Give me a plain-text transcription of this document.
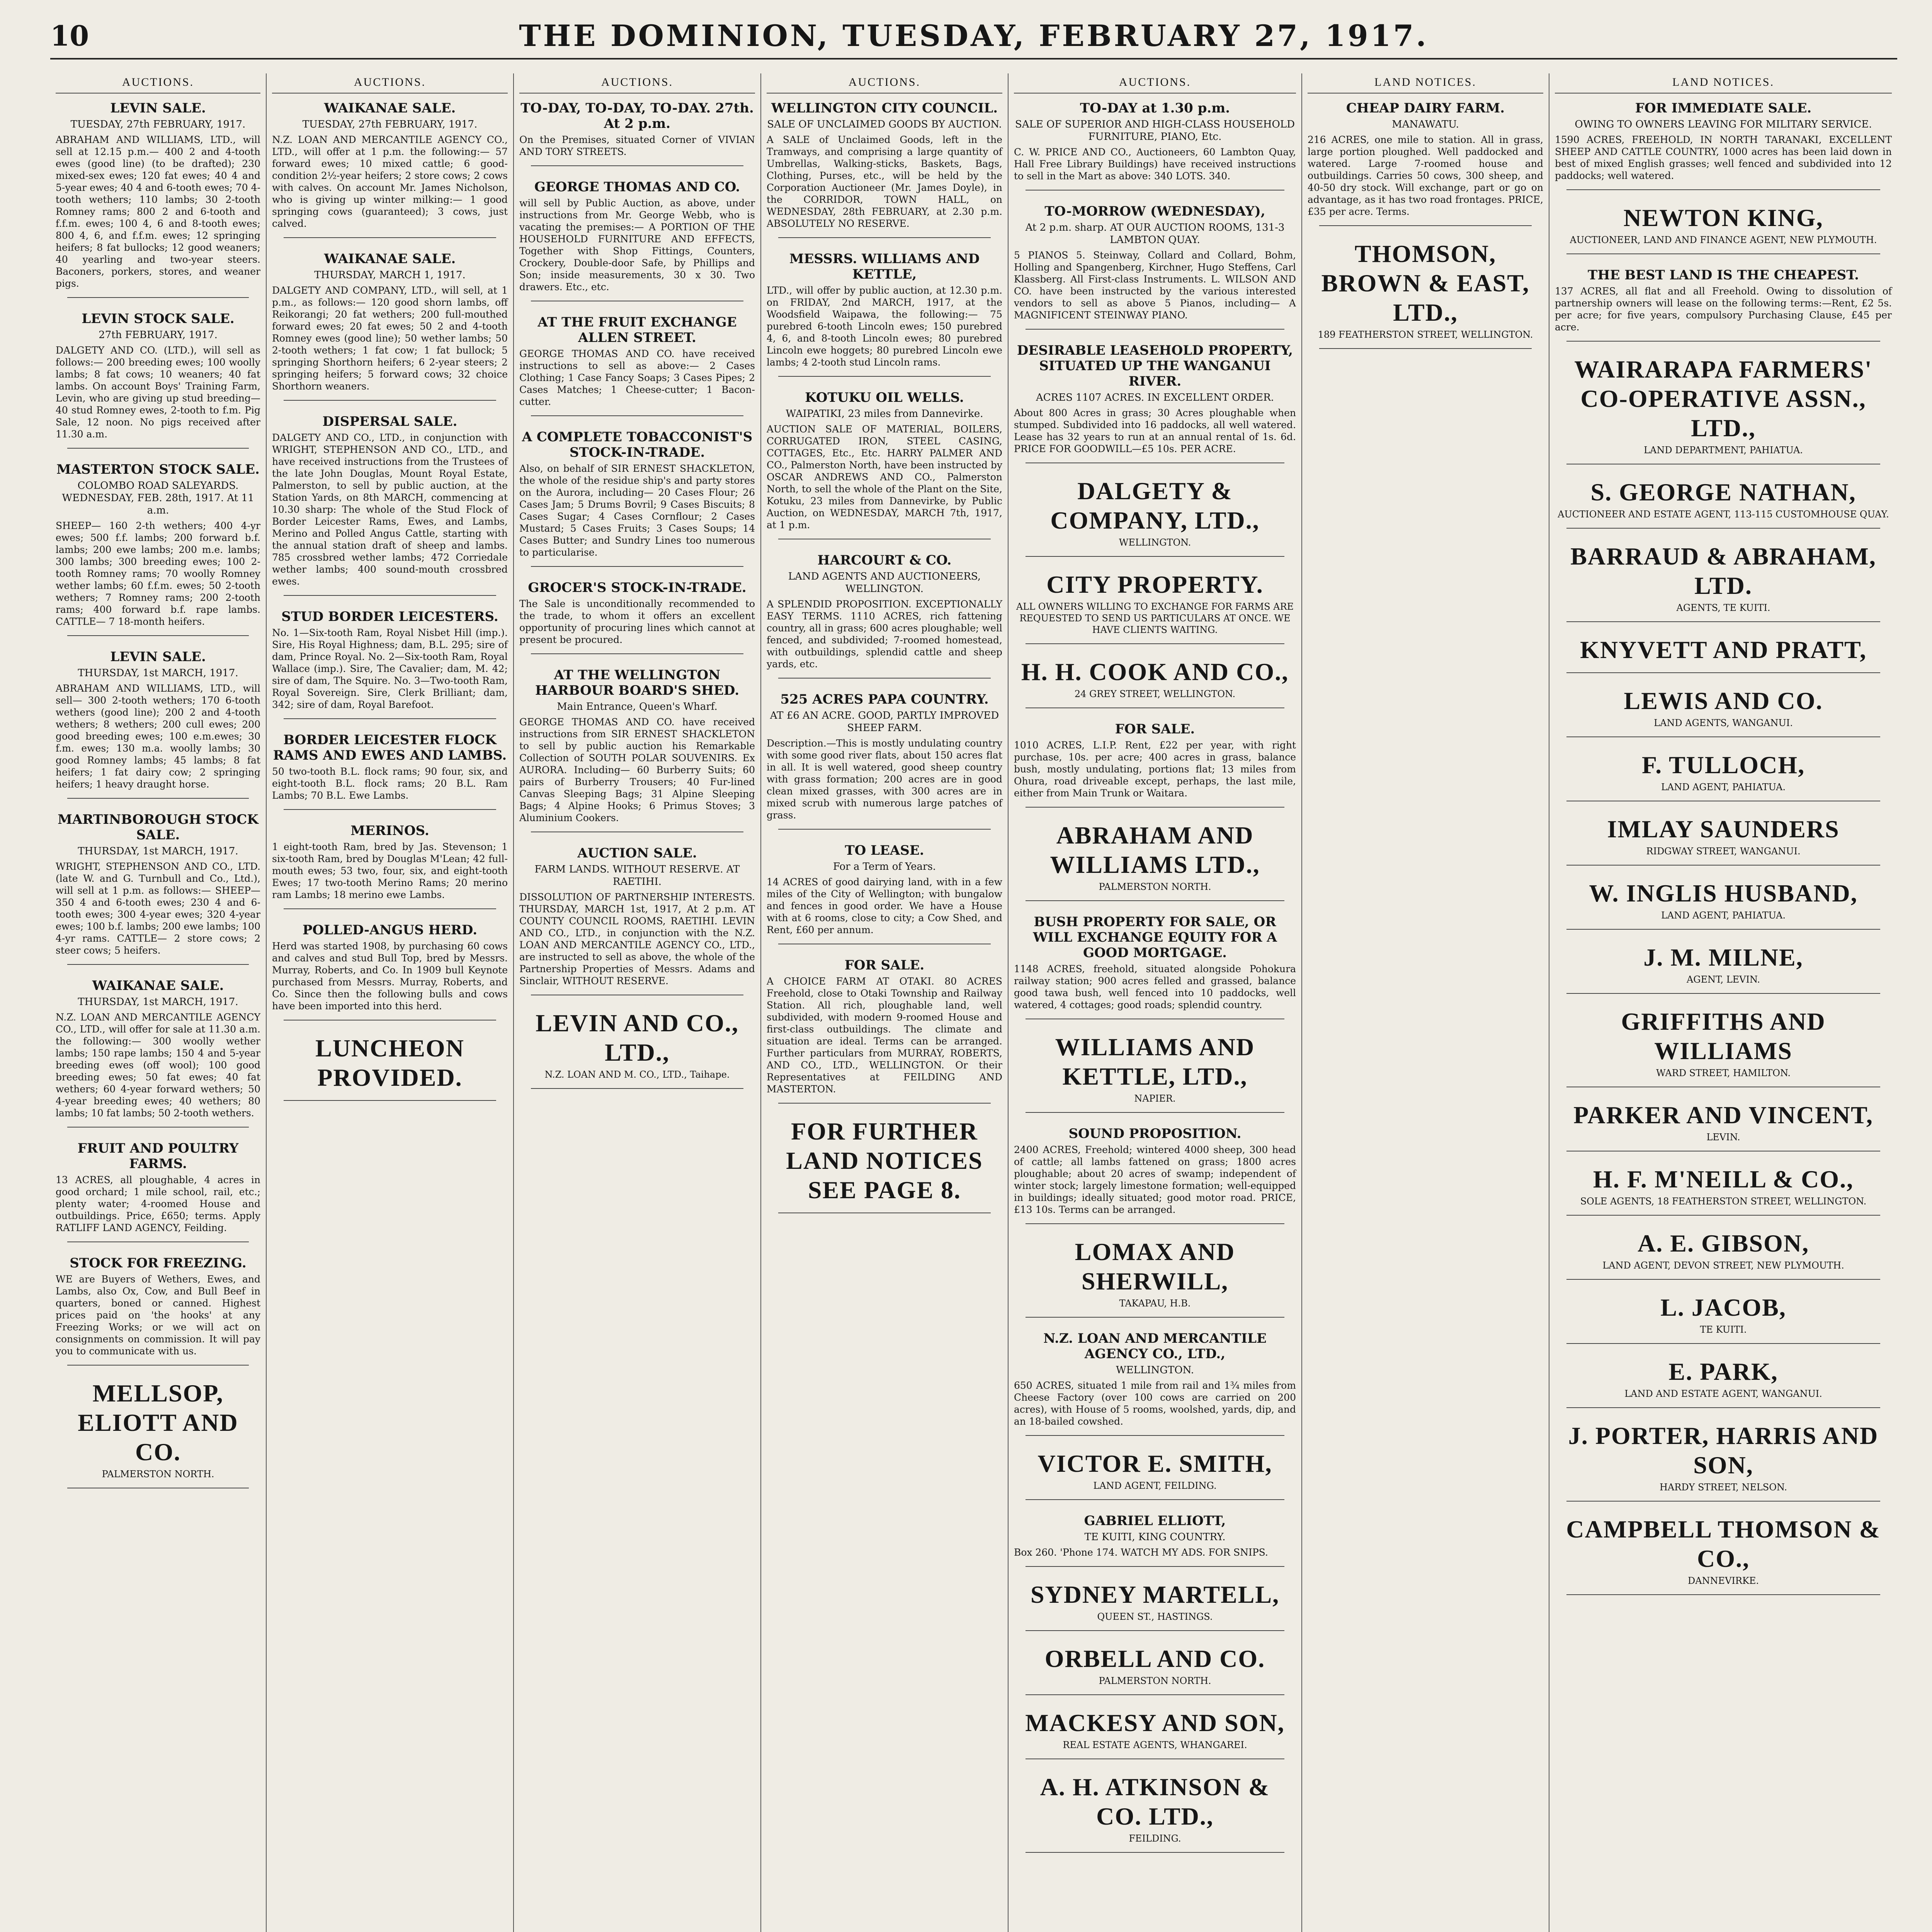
10	THE DOMINION, TUESDAY, FEBRUARY 27, 1917.
AUCTIONS.
LEVIN SALE.
TUESDAY, 27th FEBRUARY, 1917.
ABRAHAM AND WILLIAMS, LTD., will sell at 12.15 p.m.— 400 2 and 4-tooth ewes (good line) (to be drafted); 230 mixed-sex ewes; 120 fat ewes; 40 4 and 5-year ewes; 40 4 and 6-tooth ewes; 70 4-tooth wethers; 110 lambs; 30 2-tooth Romney rams; 800 2 and 6-tooth and f.f.m. ewes; 100 4, 6 and 8-tooth ewes; 800 4, 6, and f.f.m. ewes; 12 springing heifers; 8 fat bullocks; 12 good weaners; 40 yearling and two-year steers. Baconers, porkers, stores, and weaner pigs.
LEVIN STOCK SALE.
27th FEBRUARY, 1917.
DALGETY AND CO. (LTD.), will sell as follows:— 200 breeding ewes; 100 woolly lambs; 8 fat cows; 10 weaners; 40 fat lambs. On account Boys' Training Farm, Levin, who are giving up stud breeding— 40 stud Romney ewes, 2-tooth to f.m. Pig Sale, 12 noon. No pigs received after 11.30 a.m.
MASTERTON STOCK SALE.
COLOMBO ROAD SALEYARDS. WEDNESDAY, FEB. 28th, 1917. At 11 a.m.
SHEEP— 160 2-th wethers; 400 4-yr ewes; 500 f.f. lambs; 200 forward b.f. lambs; 200 ewe lambs; 200 m.e. lambs; 300 lambs; 300 breeding ewes; 100 2-tooth Romney rams; 70 woolly Romney wether lambs; 60 f.f.m. ewes; 50 2-tooth wethers; 7 Romney rams; 200 2-tooth rams; 400 forward b.f. rape lambs. CATTLE— 7 18-month heifers.
LEVIN SALE.
THURSDAY, 1st MARCH, 1917.
ABRAHAM AND WILLIAMS, LTD., will sell— 300 2-tooth wethers; 170 6-tooth wethers (good line); 200 2 and 4-tooth wethers; 8 wethers; 200 cull ewes; 200 good breeding ewes; 100 e.m.ewes; 30 f.m. ewes; 130 m.a. woolly lambs; 30 good Romney lambs; 45 lambs; 8 fat heifers; 1 fat dairy cow; 2 springing heifers; 1 heavy draught horse.
MARTINBOROUGH STOCK SALE.
THURSDAY, 1st MARCH, 1917.
WRIGHT, STEPHENSON AND CO., LTD. (late W. and G. Turnbull and Co., Ltd.), will sell at 1 p.m. as follows:— SHEEP— 350 4 and 6-tooth ewes; 230 4 and 6-tooth ewes; 300 4-year ewes; 320 4-year ewes; 100 b.f. lambs; 200 ewe lambs; 100 4-yr rams. CATTLE— 2 store cows; 2 steer cows; 5 heifers.
WAIKANAE SALE.
THURSDAY, 1st MARCH, 1917.
N.Z. LOAN AND MERCANTILE AGENCY CO., LTD., will offer for sale at 11.30 a.m. the following:— 300 woolly wether lambs; 150 rape lambs; 150 4 and 5-year breeding ewes (off wool); 100 good breeding ewes; 50 fat ewes; 40 fat wethers; 60 4-year forward wethers; 50 4-year breeding ewes; 40 wethers; 80 lambs; 10 fat lambs; 50 2-tooth wethers.
FRUIT AND POULTRY FARMS.
13 ACRES, all ploughable, 4 acres in good orchard; 1 mile school, rail, etc.; plenty water; 4-roomed House and outbuildings. Price, £650; terms. Apply RATLIFF LAND AGENCY, Feilding.
STOCK FOR FREEZING.
WE are Buyers of Wethers, Ewes, and Lambs, also Ox, Cow, and Bull Beef in quarters, boned or canned. Highest prices paid on 'the hooks' at any Freezing Works; or we will act on consignments on commission. It will pay you to communicate with us.
MELLSOP, ELIOTT AND CO.
PALMERSTON NORTH.
AUCTIONS.
WAIKANAE SALE.
TUESDAY, 27th FEBRUARY, 1917.
N.Z. LOAN AND MERCANTILE AGENCY CO., LTD., will offer at 1 p.m. the following:— 57 forward ewes; 10 mixed cattle; 6 good-condition 2½-year heifers; 2 store cows; 2 cows with calves. On account Mr. James Nicholson, who is giving up winter milking:— 1 good springing cows (guaranteed); 3 cows, just calved.
WAIKANAE SALE.
THURSDAY, MARCH 1, 1917.
DALGETY AND COMPANY, LTD., will sell, at 1 p.m., as follows:— 120 good shorn lambs, off Reikorangi; 20 fat wethers; 200 full-mouthed forward ewes; 20 fat ewes; 50 2 and 4-tooth Romney ewes (good line); 50 wether lambs; 50 2-tooth wethers; 1 fat cow; 1 fat bullock; 5 springing Shorthorn heifers; 6 2-year steers; 2 springing heifers; 5 forward cows; 32 choice Shorthorn weaners.
DISPERSAL SALE.
DALGETY AND CO., LTD., in conjunction with WRIGHT, STEPHENSON AND CO., LTD., and have received instructions from the Trustees of the late John Douglas, Mount Royal Estate, Palmerston, to sell by public auction, at the Station Yards, on 8th MARCH, commencing at 10.30 sharp: The whole of the Stud Flock of Border Leicester Rams, Ewes, and Lambs, Merino and Polled Angus Cattle, starting with the annual station draft of sheep and lambs. 785 crossbred wether lambs; 472 Corriedale wether lambs; 400 sound-mouth crossbred ewes.
STUD BORDER LEICESTERS.
No. 1—Six-tooth Ram, Royal Nisbet Hill (imp.). Sire, His Royal Highness; dam, B.L. 295; sire of dam, Prince Royal. No. 2—Six-tooth Ram, Royal Wallace (imp.). Sire, The Cavalier; dam, M. 42; sire of dam, The Squire. No. 3—Two-tooth Ram, Royal Sovereign. Sire, Clerk Brilliant; dam, 342; sire of dam, Royal Barefoot.
BORDER LEICESTER FLOCK RAMS AND EWES AND LAMBS.
50 two-tooth B.L. flock rams; 90 four, six, and eight-tooth B.L. flock rams; 20 B.L. Ram Lambs; 70 B.L. Ewe Lambs.
MERINOS.
1 eight-tooth Ram, bred by Jas. Stevenson; 1 six-tooth Ram, bred by Douglas M'Lean; 42 full-mouth ewes; 53 two, four, six, and eight-tooth Ewes; 17 two-tooth Merino Rams; 20 merino ram Lambs; 18 merino ewe Lambs.
POLLED-ANGUS HERD.
Herd was started 1908, by purchasing 60 cows and calves and stud Bull Top, bred by Messrs. Murray, Roberts, and Co. In 1909 bull Keynote purchased from Messrs. Murray, Roberts, and Co. Since then the following bulls and cows have been imported into this herd.
LUNCHEON PROVIDED.
AUCTIONS.
TO-DAY, TO-DAY, TO-DAY. 27th. At 2 p.m.
On the Premises, situated Corner of VIVIAN AND TORY STREETS.
GEORGE THOMAS AND CO.
will sell by Public Auction, as above, under instructions from Mr. George Webb, who is vacating the premises:— A PORTION OF THE HOUSEHOLD FURNITURE AND EFFECTS, Together with Shop Fittings, Counters, Crockery, Double-door Safe, by Phillips and Son; inside measurements, 30 x 30. Two drawers. Etc., etc.
AT THE FRUIT EXCHANGE ALLEN STREET.
GEORGE THOMAS AND CO. have received instructions to sell as above:— 2 Cases Clothing; 1 Case Fancy Soaps; 3 Cases Pipes; 2 Cases Matches; 1 Cheese-cutter; 1 Bacon-cutter.
A COMPLETE TOBACCONIST'S STOCK-IN-TRADE.
Also, on behalf of SIR ERNEST SHACKLETON, the whole of the residue ship's and party stores on the Aurora, including— 20 Cases Flour; 26 Cases Jam; 5 Drums Bovril; 9 Cases Biscuits; 8 Cases Sugar; 4 Cases Cornflour; 2 Cases Mustard; 5 Cases Fruits; 3 Cases Soups; 14 Cases Butter; and Sundry Lines too numerous to particularise.
GROCER'S STOCK-IN-TRADE.
The Sale is unconditionally recommended to the trade, to whom it offers an excellent opportunity of procuring lines which cannot at present be procured.
AT THE WELLINGTON HARBOUR BOARD'S SHED.
Main Entrance, Queen's Wharf.
GEORGE THOMAS AND CO. have received instructions from SIR ERNEST SHACKLETON to sell by public auction his Remarkable Collection of SOUTH POLAR SOUVENIRS. Ex AURORA. Including— 60 Burberry Suits; 60 pairs of Burberry Trousers; 40 Fur-lined Canvas Sleeping Bags; 31 Alpine Sleeping Bags; 4 Alpine Hooks; 6 Primus Stoves; 3 Aluminium Cookers.
AUCTION SALE.
FARM LANDS. WITHOUT RESERVE. AT RAETIHI.
DISSOLUTION OF PARTNERSHIP INTERESTS. THURSDAY, MARCH 1st, 1917, At 2 p.m. AT COUNTY COUNCIL ROOMS, RAETIHI. LEVIN AND CO., LTD., in conjunction with the N.Z. LOAN AND MERCANTILE AGENCY CO., LTD., are instructed to sell as above, the whole of the Partnership Properties of Messrs. Adams and Sinclair, WITHOUT RESERVE.
LEVIN AND CO., LTD.,
N.Z. LOAN AND M. CO., LTD., Taihape.
AUCTIONS.
WELLINGTON CITY COUNCIL.
SALE OF UNCLAIMED GOODS BY AUCTION.
A SALE of Unclaimed Goods, left in the Tramways, and comprising a large quantity of Umbrellas, Walking-sticks, Baskets, Bags, Clothing, Purses, etc., will be held by the Corporation Auctioneer (Mr. James Doyle), in the CORRIDOR, TOWN HALL, on WEDNESDAY, 28th FEBRUARY, at 2.30 p.m. ABSOLUTELY NO RESERVE.
MESSRS. WILLIAMS AND KETTLE,
LTD., will offer by public auction, at 12.30 p.m. on FRIDAY, 2nd MARCH, 1917, at the Woodsfield Waipawa, the following:— 75 purebred 6-tooth Lincoln ewes; 150 purebred 4, 6, and 8-tooth Lincoln ewes; 80 purebred Lincoln ewe hoggets; 80 purebred Lincoln ewe lambs; 4 2-tooth stud Lincoln rams.
KOTUKU OIL WELLS.
WAIPATIKI, 23 miles from Dannevirke.
AUCTION SALE OF MATERIAL, BOILERS, CORRUGATED IRON, STEEL CASING, COTTAGES, Etc., Etc. HARRY PALMER AND CO., Palmerston North, have been instructed by OSCAR ANDREWS AND CO., Palmerston North, to sell the whole of the Plant on the Site, Kotuku, 23 miles from Dannevirke, by Public Auction, on WEDNESDAY, MARCH 7th, 1917, at 1 p.m.
HARCOURT & CO.
LAND AGENTS AND AUCTIONEERS, WELLINGTON.
A SPLENDID PROPOSITION. EXCEPTIONALLY EASY TERMS. 1110 ACRES, rich fattening country, all in grass; 600 acres ploughable; well fenced, and subdivided; 7-roomed homestead, with outbuildings, splendid cattle and sheep yards, etc.
525 ACRES PAPA COUNTRY.
AT £6 AN ACRE. GOOD, PARTLY IMPROVED SHEEP FARM.
Description.—This is mostly undulating country with some good river flats, about 150 acres flat in all. It is well watered, good sheep country with grass formation; 200 acres are in good clean mixed grasses, with 300 acres are in mixed scrub with numerous large patches of grass.
TO LEASE.
For a Term of Years.
14 ACRES of good dairying land, with in a few miles of the City of Wellington; with bungalow and fences in good order. We have a House with at 6 rooms, close to city; a Cow Shed, and Rent, £60 per annum.
FOR SALE.
A CHOICE FARM AT OTAKI. 80 ACRES Freehold, close to Otaki Township and Railway Station. All rich, ploughable land, well subdivided, with modern 9-roomed House and first-class outbuildings. The climate and situation are ideal. Terms can be arranged. Further particulars from MURRAY, ROBERTS, AND CO., LTD., WELLINGTON. Or their Representatives at FEILDING AND MASTERTON.
FOR FURTHER LAND NOTICES SEE PAGE 8.
AUCTIONS.
TO-DAY at 1.30 p.m.
SALE OF SUPERIOR AND HIGH-CLASS HOUSEHOLD FURNITURE, PIANO, Etc.
C. W. PRICE AND CO., Auctioneers, 60 Lambton Quay, Hall Free Library Buildings) have received instructions to sell in the Mart as above: 340 LOTS. 340.
TO-MORROW (WEDNESDAY),
At 2 p.m. sharp. AT OUR AUCTION ROOMS, 131-3 LAMBTON QUAY.
5 PIANOS 5. Steinway, Collard and Collard, Bohm, Holling and Spangenberg, Kirchner, Hugo Steffens, Carl Klassberg. All First-class Instruments. L. WILSON AND CO. have been instructed by the various interested vendors to sell as above 5 Pianos, including— A MAGNIFICENT STEINWAY PIANO.
DESIRABLE LEASEHOLD PROPERTY, SITUATED UP THE WANGANUI RIVER.
ACRES 1107 ACRES. IN EXCELLENT ORDER.
About 800 Acres in grass; 30 Acres ploughable when stumped. Subdivided into 16 paddocks, all well watered. Lease has 32 years to run at an annual rental of 1s. 6d. PRICE FOR GOODWILL—£5 10s. PER ACRE.
DALGETY & COMPANY, LTD.,
WELLINGTON.
CITY PROPERTY.
ALL OWNERS WILLING TO EXCHANGE FOR FARMS ARE REQUESTED TO SEND US PARTICULARS AT ONCE. WE HAVE CLIENTS WAITING.
H. H. COOK AND CO.,
24 GREY STREET, WELLINGTON.
FOR SALE.
1010 ACRES, L.I.P. Rent, £22 per year, with right purchase, 10s. per acre; 400 acres in grass, balance bush, mostly undulating, portions flat; 13 miles from Ohura, road driveable except, perhaps, the last mile, either from Main Trunk or Waitara.
ABRAHAM AND WILLIAMS LTD.,
PALMERSTON NORTH.
BUSH PROPERTY FOR SALE, OR WILL EXCHANGE EQUITY FOR A GOOD MORTGAGE.
1148 ACRES, freehold, situated alongside Pohokura railway station; 900 acres felled and grassed, balance good tawa bush, well fenced into 10 paddocks, well watered, 4 cottages; good roads; splendid country.
WILLIAMS AND KETTLE, LTD.,
NAPIER.
SOUND PROPOSITION.
2400 ACRES, Freehold; wintered 4000 sheep, 300 head of cattle; all lambs fattened on grass; 1800 acres ploughable; about 20 acres of swamp; independent of winter stock; largely limestone formation; well-equipped in buildings; ideally situated; good motor road. PRICE, £13 10s. Terms can be arranged.
LOMAX AND SHERWILL,
TAKAPAU, H.B.
N.Z. LOAN AND MERCANTILE AGENCY CO., LTD.,
WELLINGTON.
650 ACRES, situated 1 mile from rail and 1¾ miles from Cheese Factory (over 100 cows are carried on 200 acres), with House of 5 rooms, woolshed, yards, dip, and an 18-bailed cowshed.
VICTOR E. SMITH,
LAND AGENT, FEILDING.
GABRIEL ELLIOTT,
TE KUITI, KING COUNTRY.
Box 260. 'Phone 174. WATCH MY ADS. FOR SNIPS.
SYDNEY MARTELL,
QUEEN ST., HASTINGS.
ORBELL AND CO.
PALMERSTON NORTH.
MACKESY AND SON,
REAL ESTATE AGENTS, WHANGAREI.
A. H. ATKINSON & CO. LTD.,
FEILDING.
LAND NOTICES.
CHEAP DAIRY FARM.
MANAWATU.
216 ACRES, one mile to station. All in grass, large portion ploughed. Well paddocked and watered. Large 7-roomed house and outbuildings. Carries 50 cows, 300 sheep, and 40-50 dry stock. Will exchange, part or go on advantage, as it has two road frontages. PRICE, £35 per acre. Terms.
THOMSON, BROWN & EAST, LTD.,
189 FEATHERSTON STREET, WELLINGTON.
LAND NOTICES.
FOR IMMEDIATE SALE.
OWING TO OWNERS LEAVING FOR MILITARY SERVICE.
1590 ACRES, FREEHOLD, IN NORTH TARANAKI, EXCELLENT SHEEP AND CATTLE COUNTRY, 1000 acres has been laid down in best of mixed English grasses; well fenced and subdivided into 12 paddocks; well watered.
NEWTON KING,
AUCTIONEER, LAND AND FINANCE AGENT, NEW PLYMOUTH.
THE BEST LAND IS THE CHEAPEST.
137 ACRES, all flat and all Freehold. Owing to dissolution of partnership owners will lease on the following terms:—Rent, £2 5s. per acre; for five years, compulsory Purchasing Clause, £45 per acre.
WAIRARAPA FARMERS' CO-OPERATIVE ASSN., LTD.,
LAND DEPARTMENT, PAHIATUA.
S. GEORGE NATHAN,
AUCTIONEER AND ESTATE AGENT, 113-115 CUSTOMHOUSE QUAY.
BARRAUD & ABRAHAM, LTD.
AGENTS, TE KUITI.
KNYVETT AND PRATT,
LEWIS AND CO.
LAND AGENTS, WANGANUI.
F. TULLOCH,
LAND AGENT, PAHIATUA.
IMLAY SAUNDERS
RIDGWAY STREET, WANGANUI.
W. INGLIS HUSBAND,
LAND AGENT, PAHIATUA.
J. M. MILNE,
AGENT, LEVIN.
GRIFFITHS AND WILLIAMS
WARD STREET, HAMILTON.
PARKER AND VINCENT,
LEVIN.
H. F. M'NEILL & CO.,
SOLE AGENTS, 18 FEATHERSTON STREET, WELLINGTON.
A. E. GIBSON,
LAND AGENT, DEVON STREET, NEW PLYMOUTH.
L. JACOB,
TE KUITI.
E. PARK,
LAND AND ESTATE AGENT, WANGANUI.
J. PORTER, HARRIS AND SON,
HARDY STREET, NELSON.
CAMPBELL THOMSON & CO.,
DANNEVIRKE.
